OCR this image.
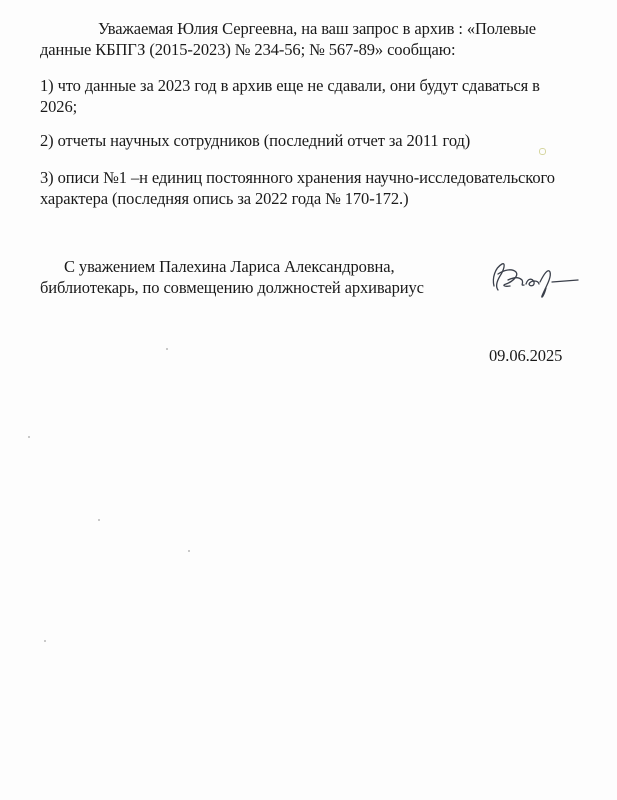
Уважаемая Юлия Сергеевна, на ваш запрос в архив : «Полевые
данные КБПГЗ (2015-2023) № 234-56; № 567-89» сообщаю:
1) что данные за 2023 год в архив еще не сдавали, они будут сдаваться в
2026;
2) отчеты научных сотрудников (последний отчет за 2011 год)
3) описи №1 –н единиц постоянного хранения научно-исследовательского
характера (последняя опись за 2022 года № 170-172.)
С уважением Палехина Лариса Александровна,
библиотекарь, по совмещению должностей архивариус
09.06.2025
